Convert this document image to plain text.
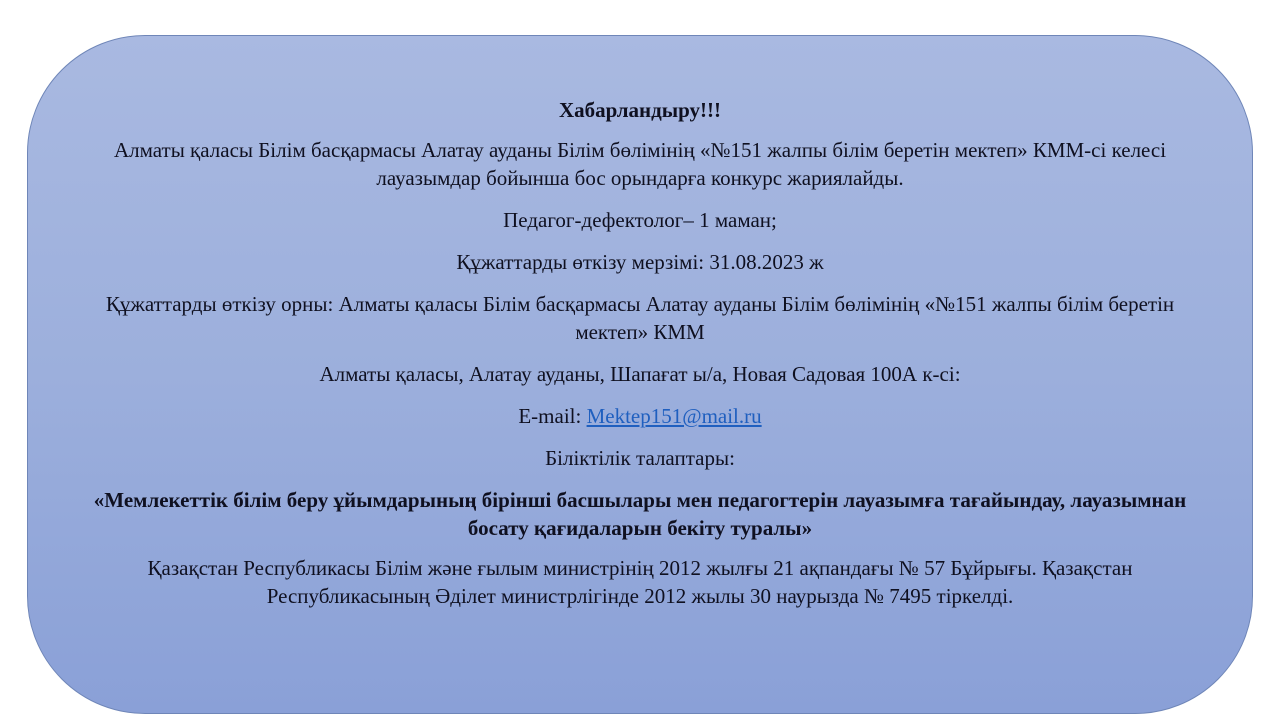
Хабарландыру!!!

Алматы қаласы Білім басқармасы Алатау ауданы Білім бөлімінің «№151 жалпы білім беретін мектеп» КММ-сі келесі лауазымдар бойынша бос орындарға конкурс жариялайды.

Педагог-дефектолог– 1 маман;

Құжаттарды өткізу мерзімі: 31.08.2023 ж

Құжаттарды өткізу орны: Алматы қаласы Білім басқармасы Алатау ауданы Білім бөлімінің «№151 жалпы білім беретін мектеп» КММ

Алматы қаласы, Алатау ауданы, Шапағат ы/а, Новая Садовая 100А к-сі:

E-mail: Mektep151@mail.ru

Біліктілік талаптары:

«Мемлекеттік білім беру ұйымдарының бірінші басшылары мен педагогтерін лауазымға тағайындау, лауазымнан босату қағидаларын бекіту туралы»

Қазақстан Республикасы Білім және ғылым министрінің 2012 жылғы 21 ақпандағы № 57 Бұйрығы. Қазақстан Республикасының Әділет министрлігінде 2012 жылы 30 наурызда № 7495 тіркелді.
